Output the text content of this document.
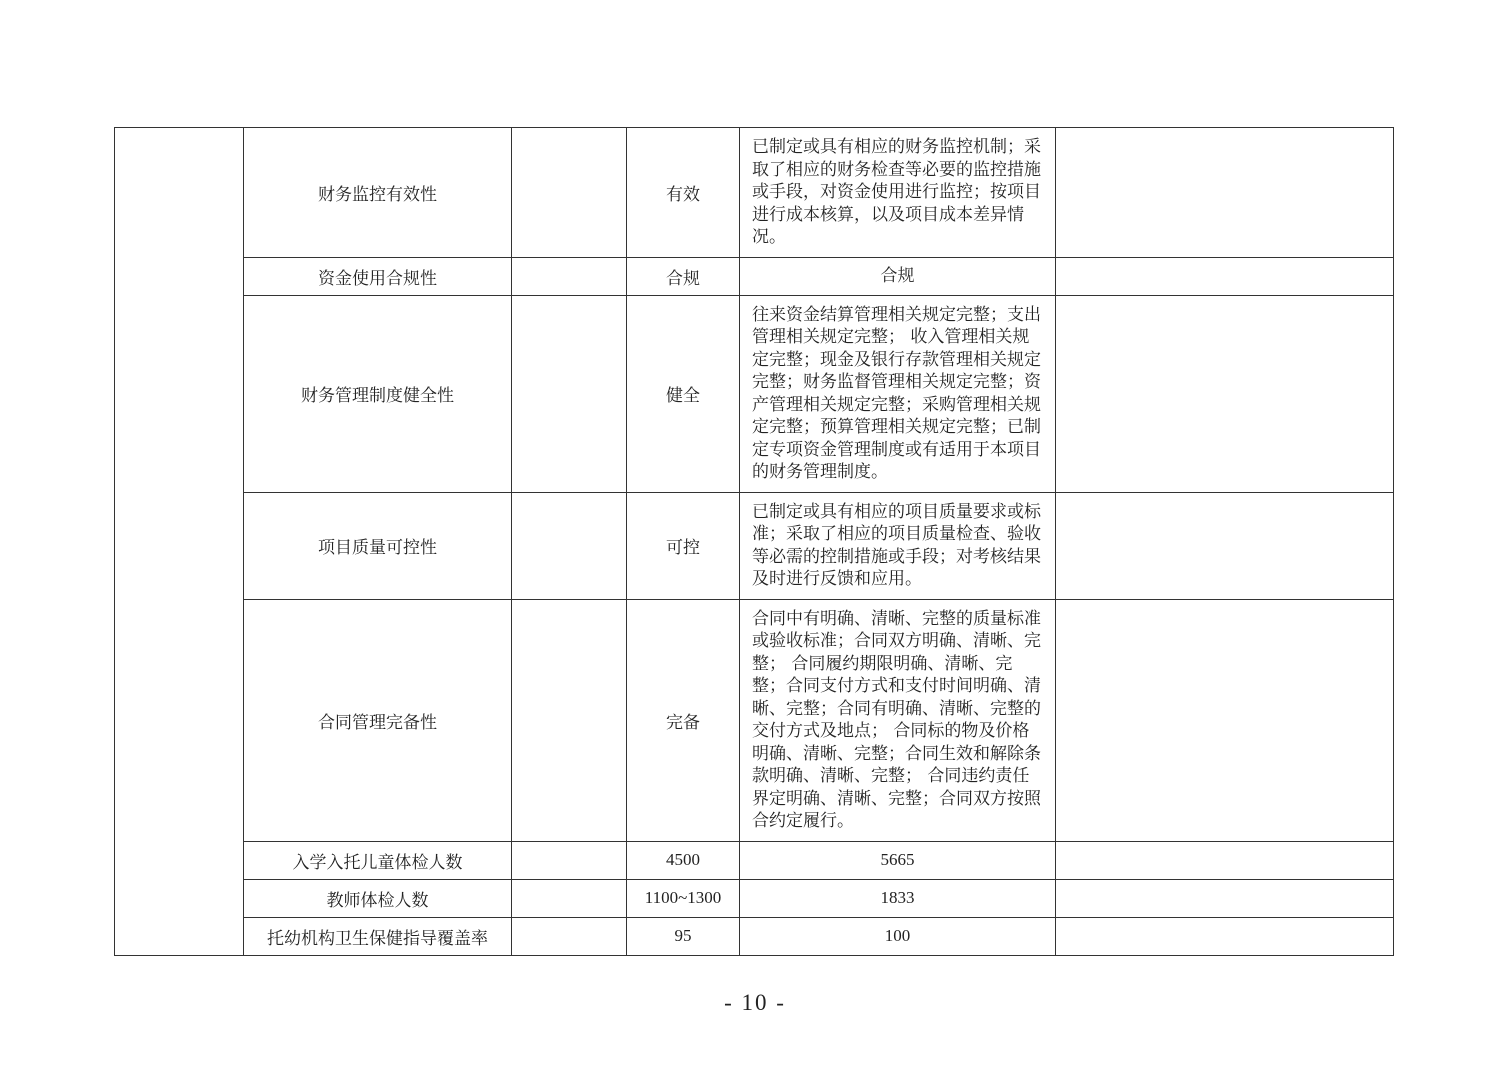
	财务监控有效性		有效	已制定或具有相应的财务监控机制；采取了相应的财务检查等必要的监控措施或手段，对资金使用进行监控；按项目进行成本核算，以及项目成本差异情况。	
	资金使用合规性		合规	合规	
	财务管理制度健全性		健全	往来资金结算管理相关规定完整；支出管理相关规定完整； 收入管理相关规定完整；现金及银行存款管理相关规定完整；财务监督管理相关规定完整；资产管理相关规定完整；采购管理相关规定完整；预算管理相关规定完整；已制定专项资金管理制度或有适用于本项目的财务管理制度。	
	项目质量可控性		可控	已制定或具有相应的项目质量要求或标准；采取了相应的项目质量检查、验收等必需的控制措施或手段；对考核结果及时进行反馈和应用。	
	合同管理完备性		完备	合同中有明确、清晰、完整的质量标准或验收标准；合同双方明确、清晰、完整； 合同履约期限明确、清晰、完整；合同支付方式和支付时间明确、清晰、完整；合同有明确、清晰、完整的交付方式及地点； 合同标的物及价格明确、清晰、完整；合同生效和解除条款明确、清晰、完整； 合同违约责任界定明确、清晰、完整；合同双方按照合约定履行。	
	入学入托儿童体检人数		4500	5665	
	教师体检人数		1100~1300	1833	
	托幼机构卫生保健指导覆盖率		95	100	
- 10 -
